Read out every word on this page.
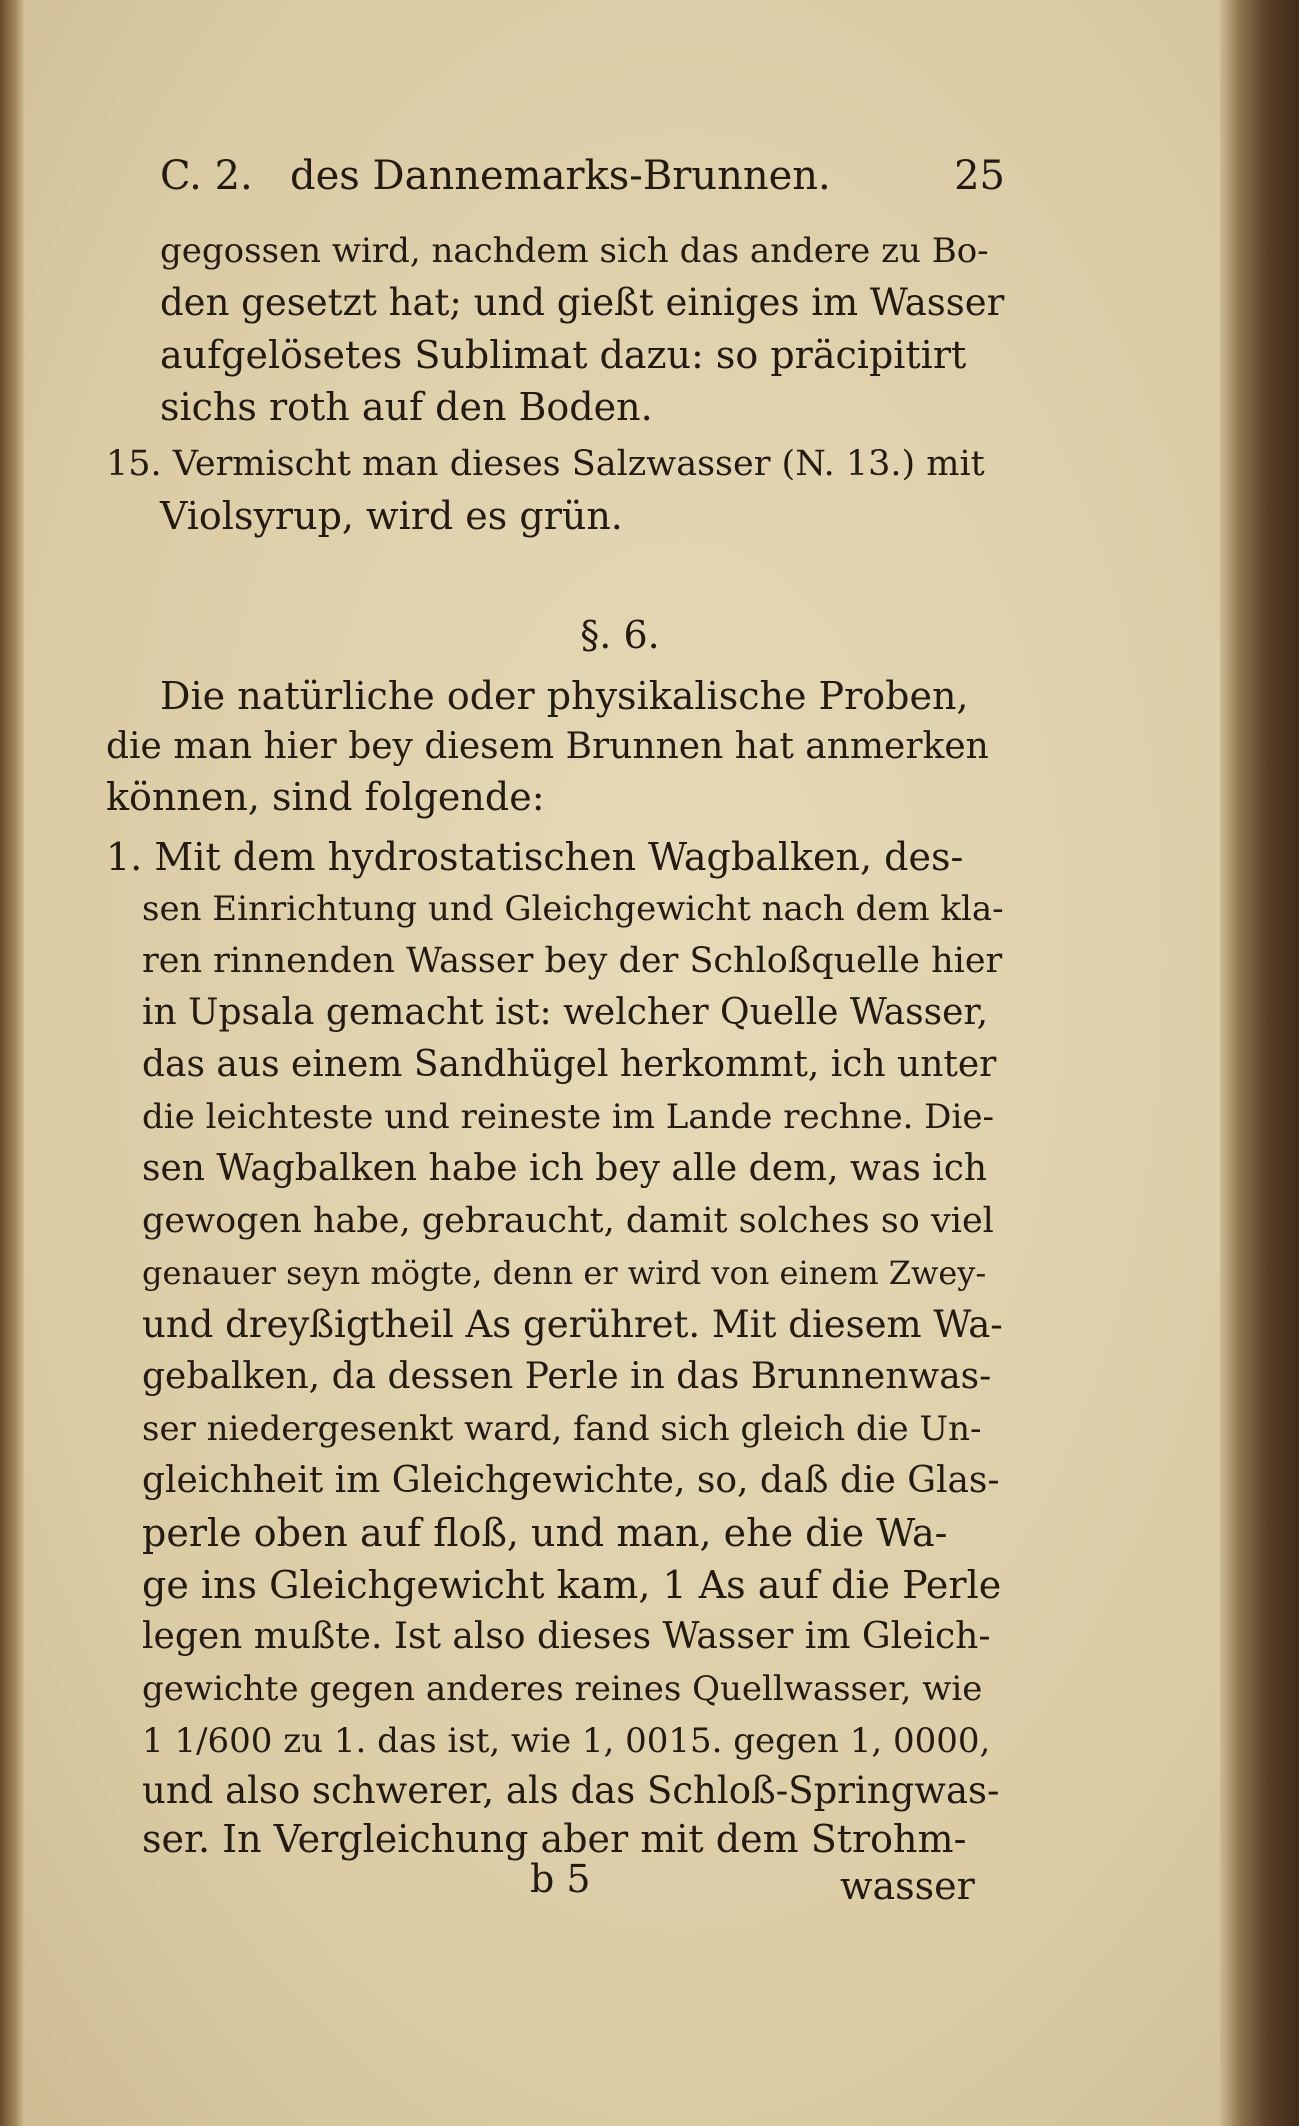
C. 2. des Dannemarks-Brunnen.	25
gegossen wird, nachdem sich das andere zu Bo-
den gesetzt hat; und gießt einiges im Wasser
aufgelösetes Sublimat dazu: so präcipitirt
sichs roth auf den Boden.
15. Vermischt man dieses Salzwasser (N. 13.) mit
Violsyrup, wird es grün.
§. 6.
Die natürliche oder physikalische Proben,
die man hier bey diesem Brunnen hat anmerken
können, sind folgende:
1. Mit dem hydrostatischen Wagbalken, des-
sen Einrichtung und Gleichgewicht nach dem kla-
ren rinnenden Wasser bey der Schloßquelle hier
in Upsala gemacht ist: welcher Quelle Wasser,
das aus einem Sandhügel herkommt, ich unter
die leichteste und reineste im Lande rechne. Die-
sen Wagbalken habe ich bey alle dem, was ich
gewogen habe, gebraucht, damit solches so viel
genauer seyn mögte, denn er wird von einem Zwey-
und dreyßigtheil As gerühret. Mit diesem Wa-
gebalken, da dessen Perle in das Brunnenwas-
ser niedergesenkt ward, fand sich gleich die Un-
gleichheit im Gleichgewichte, so, daß die Glas-
perle oben auf floß, und man, ehe die Wa-
ge ins Gleichgewicht kam, 1 As auf die Perle
legen mußte. Ist also dieses Wasser im Gleich-
gewichte gegen anderes reines Quellwasser, wie
1 1/600 zu 1. das ist, wie 1, 0015. gegen 1, 0000,
und also schwerer, als das Schloß-Springwas-
ser. In Vergleichung aber mit dem Strohm-
b 5	wasser
